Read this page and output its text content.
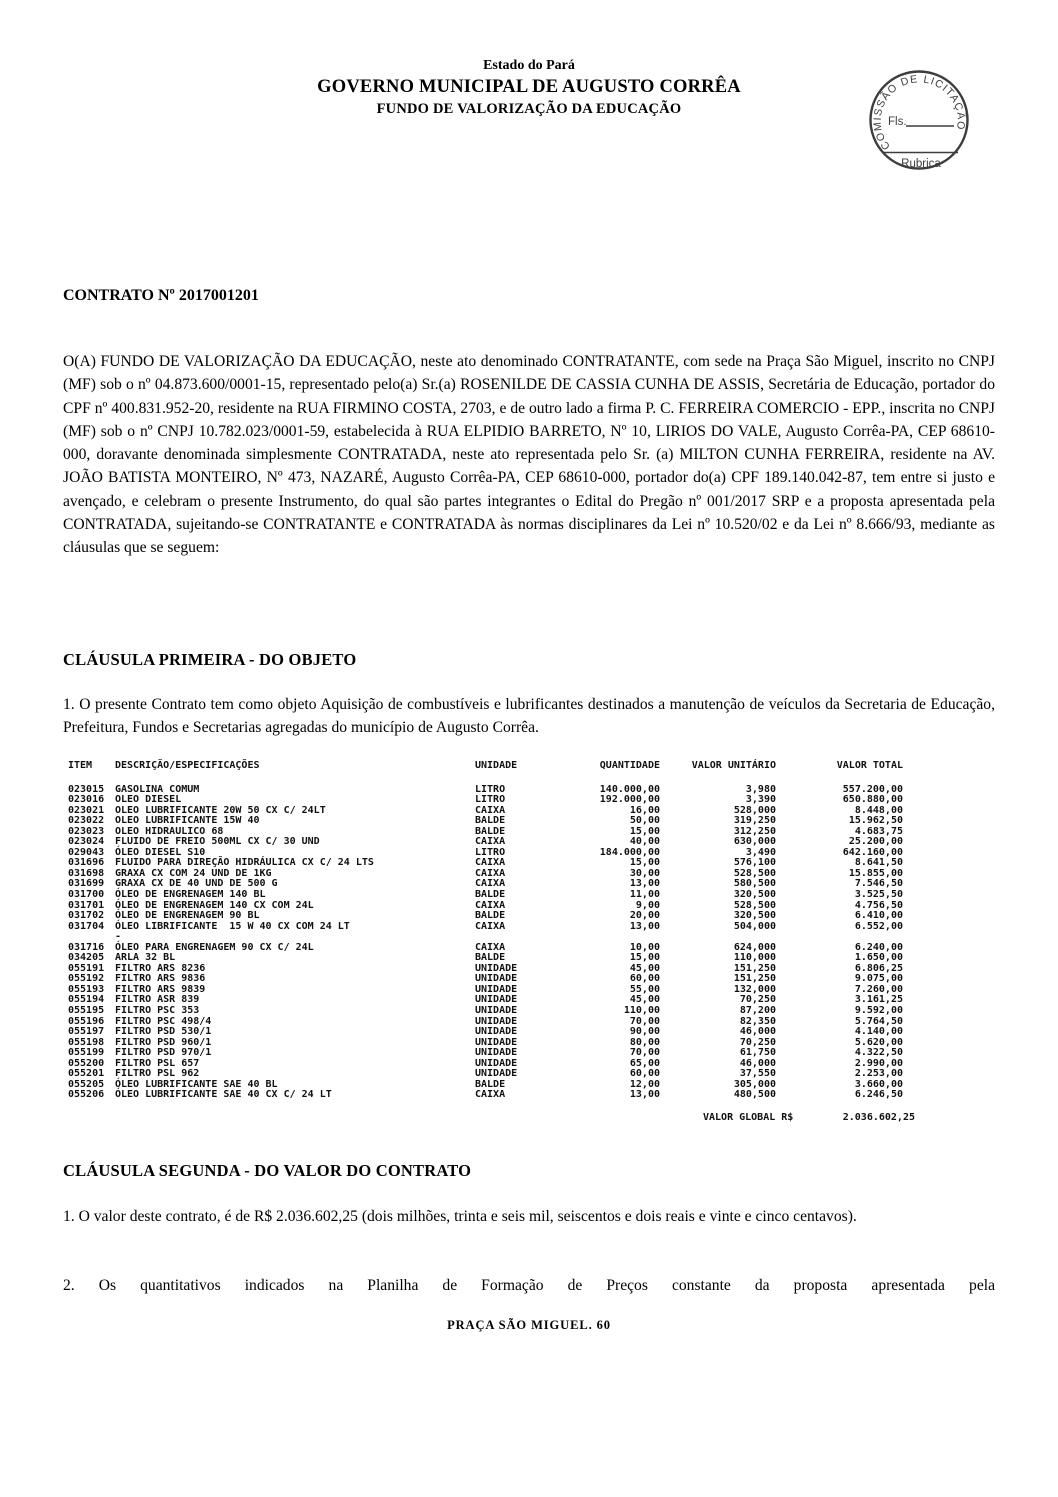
Estado do Pará
GOVERNO MUNICIPAL DE AUGUSTO CORRÊA
FUNDO DE VALORIZAÇÃO DA EDUCAÇÃO
COMISSÃO DE LICITAÇÃO
Fls.
Rubrica
CONTRATO Nº 2017001201
O(A) FUNDO DE VALORIZAÇÃO DA EDUCAÇÃO, neste ato denominado CONTRATANTE, com sede na Praça São Miguel, inscrito no CNPJ (MF) sob o nº 04.873.600/0001-15, representado pelo(a) Sr.(a) ROSENILDE DE CASSIA CUNHA DE ASSIS, Secretária de Educação, portador do CPF nº 400.831.952-20, residente na RUA FIRMINO COSTA, 2703, e de outro lado a firma P. C. FERREIRA COMERCIO - EPP., inscrita no CNPJ (MF) sob o nº CNPJ 10.782.023/0001-59, estabelecida à RUA ELPIDIO BARRETO, Nº 10, LIRIOS DO VALE, Augusto Corrêa-PA, CEP 68610-000, doravante denominada simplesmente CONTRATADA, neste ato representada pelo Sr. (a) MILTON CUNHA FERREIRA, residente na AV. JOÃO BATISTA MONTEIRO, Nº 473, NAZARÉ, Augusto Corrêa-PA, CEP 68610-000, portador do(a) CPF 189.140.042-87, tem entre si justo e avençado, e celebram o presente Instrumento, do qual são partes integrantes o Edital do Pregão nº 001/2017 SRP e a proposta apresentada pela CONTRATADA, sujeitando-se CONTRATANTE e CONTRATADA às normas disciplinares da Lei nº 10.520/02 e da Lei nº 8.666/93, mediante as cláusulas que se seguem:
CLÁUSULA PRIMEIRA - DO OBJETO
1. O presente Contrato tem como objeto Aquisição de combustíveis e lubrificantes destinados a manutenção de veículos da Secretaria de Educação, Prefeitura, Fundos e Secretarias agregadas do município de Augusto Corrêa.
ITEM DESCRIÇÃO/ESPECIFICAÇÕES	UNIDADE	QUANTIDADE	VALOR UNITÁRIO	VALOR TOTAL
023015 GASOLINA COMUM	LITRO	140.000,00	3,980	557.200,00
023016 OLEO DIESEL	LITRO	192.000,00	3,390	650.880,00
023021 OLEO LUBRIFICANTE 20W 50 CX C/ 24LT	CAIXA	16,00	528,000	8.448,00
023022 OLEO LUBRIFICANTE 15W 40	BALDE	50,00	319,250	15.962,50
023023 OLEO HIDRAULICO 68	BALDE	15,00	312,250	4.683,75
023024 FLUIDO DE FREIO 500ML CX C/ 30 UND	CAIXA	40,00	630,000	25.200,00
029043 ÓLEO DIESEL S10	LITRO	184.000,00	3,490	642.160,00
031696 FLUIDO PARA DIREÇÃO HIDRÁULICA CX C/ 24 LTS	CAIXA	15,00	576,100	8.641,50
031698 GRAXA CX COM 24 UND DE 1KG	CAIXA	30,00	528,500	15.855,00
031699 GRAXA CX DE 40 UND DE 500 G	CAIXA	13,00	580,500	7.546,50
031700 ÓLEO DE ENGRENAGEM 140 BL	BALDE	11,00	320,500	3.525,50
031701 ÓLEO DE ENGRENAGEM 140 CX COM 24L	CAIXA	9,00	528,500	4.756,50
031702 ÓLEO DE ENGRENAGEM 90 BL	BALDE	20,00	320,500	6.410,00
031704 ÓLEO LIBRIFICANTE  15 W 40 CX COM 24 LT	CAIXA	13,00	504,000	6.552,00
-
031716 ÓLEO PARA ENGRENAGEM 90 CX C/ 24L	CAIXA	10,00	624,000	6.240,00
034205 ARLA 32 BL	BALDE	15,00	110,000	1.650,00
055191 FILTRO ARS 8236	UNIDADE	45,00	151,250	6.806,25
055192 FILTRO ARS 9836	UNIDADE	60,00	151,250	9.075,00
055193 FILTRO ARS 9839	UNIDADE	55,00	132,000	7.260,00
055194 FILTRO ASR 839	UNIDADE	45,00	70,250	3.161,25
055195 FILTRO PSC 353	UNIDADE	110,00	87,200	9.592,00
055196 FILTRO PSC 498/4	UNIDADE	70,00	82,350	5.764,50
055197 FILTRO PSD 530/1	UNIDADE	90,00	46,000	4.140,00
055198 FILTRO PSD 960/1	UNIDADE	80,00	70,250	5.620,00
055199 FILTRO PSD 970/1	UNIDADE	70,00	61,750	4.322,50
055200 FILTRO PSL 657	UNIDADE	65,00	46,000	2.990,00
055201 FILTRO PSL 962	UNIDADE	60,00	37,550	2.253,00
055205 ÓLEO LUBRIFICANTE SAE 40 BL	BALDE	12,00	305,000	3.660,00
055206 ÓLEO LUBRIFICANTE SAE 40 CX C/ 24 LT	CAIXA	13,00	480,500	6.246,50
VALOR GLOBAL R$	2.036.602,25
CLÁUSULA SEGUNDA - DO VALOR DO CONTRATO
1. O valor deste contrato, é de R$ 2.036.602,25 (dois milhões, trinta e seis mil, seiscentos e dois reais e vinte e cinco centavos).
2. Os quantitativos indicados na Planilha de Formação de Preços constante da proposta apresentada pela
PRAÇA SÃO MIGUEL. 60
